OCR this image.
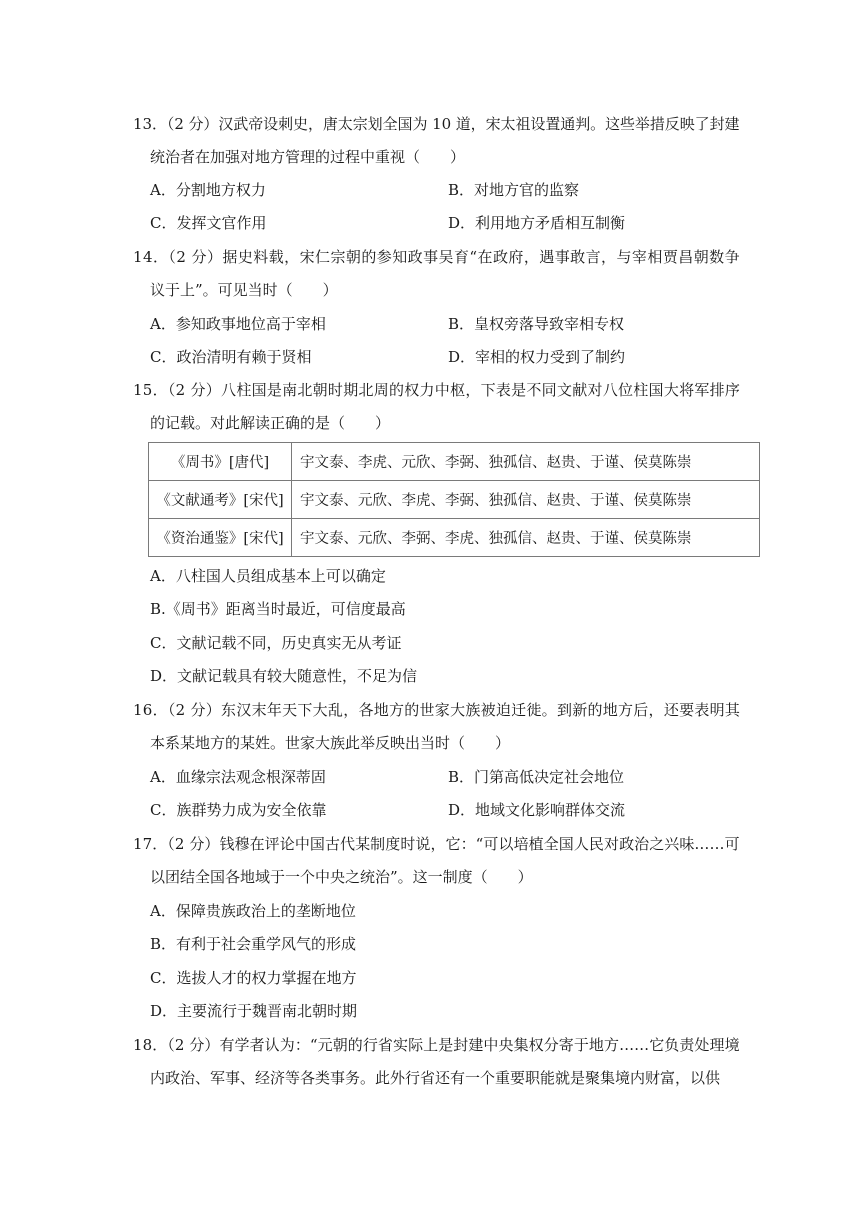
13．（2 分）汉武帝设刺史，唐太宗划全国为 10 道，宋太祖设置通判。这些举措反映了封建
统治者在加强对地方管理的过程中重视（　　）
A．分割地方权力	B．对地方官的监察
C．发挥文官作用	D．利用地方矛盾相互制衡
14．（2 分）据史料载，宋仁宗朝的参知政事吴育“在政府，遇事敢言，与宰相贾昌朝数争
议于上”。可见当时（　　）
A．参知政事地位高于宰相	B．皇权旁落导致宰相专权
C．政治清明有赖于贤相	D．宰相的权力受到了制约
15．（2 分）八柱国是南北朝时期北周的权力中枢，下表是不同文献对八位柱国大将军排序
的记载。对此解读正确的是（　　）
《周书》[唐代]	宇文泰、李虎、元欣、李弼、独孤信、赵贵、于谨、侯莫陈崇
《文献通考》[宋代]	宇文泰、元欣、李虎、李弼、独孤信、赵贵、于谨、侯莫陈崇
《资治通鉴》[宋代]	宇文泰、元欣、李弼、李虎、独孤信、赵贵、于谨、侯莫陈崇
A．八柱国人员组成基本上可以确定
B.《周书》距离当时最近，可信度最高
C．文献记载不同，历史真实无从考证
D．文献记载具有较大随意性，不足为信
16．（2 分）东汉末年天下大乱，各地方的世家大族被迫迁徙。到新的地方后，还要表明其
本系某地方的某姓。世家大族此举反映出当时（　　）
A．血缘宗法观念根深蒂固	B．门第高低决定社会地位
C．族群势力成为安全依靠	D．地域文化影响群体交流
17．（2 分）钱穆在评论中国古代某制度时说，它：“可以培植全国人民对政治之兴味……可
以团结全国各地域于一个中央之统治”。这一制度（　　）
A．保障贵族政治上的垄断地位
B．有利于社会重学风气的形成
C．选拔人才的权力掌握在地方
D．主要流行于魏晋南北朝时期
18．（2 分）有学者认为：“元朝的行省实际上是封建中央集权分寄于地方……它负责处理境
内政治、军事、经济等各类事务。此外行省还有一个重要职能就是聚集境内财富，以供
